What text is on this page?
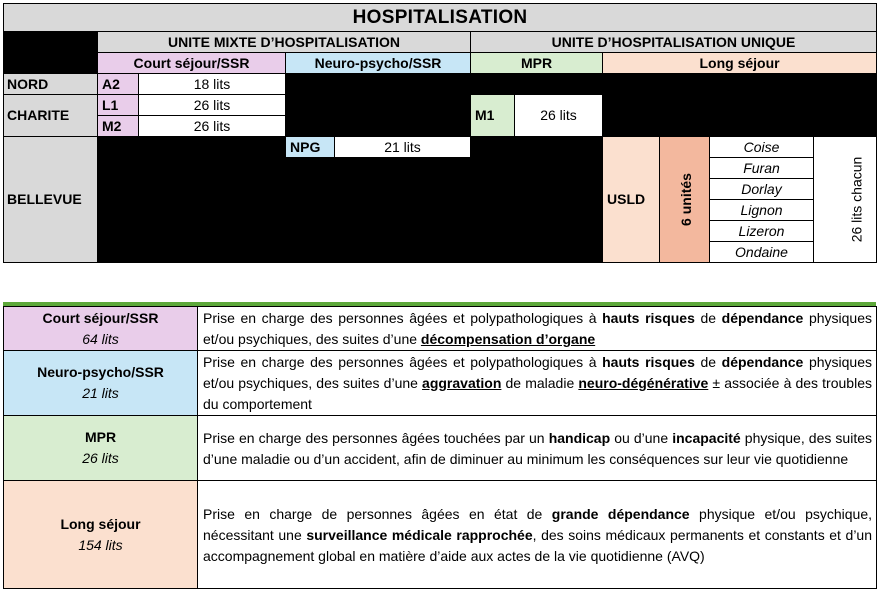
HOSPITALISATION										
	UNITE MIXTE D’HOSPITALISATION				UNITE D’HOSPITALISATION UNIQUE					
	Court séjour/SSR		Neuro-psycho/SSR		MPR		Long séjour			
NORD	A2	18 lits								
CHARITE	L1	26 lits			M1	26 lits				
	M2	26 lits								
BELLEVUE			NPG	21 lits			USLD	6 unités	Coise	26 lits chacun
									Furan	
									Dorlay	
									Lignon	
									Lizeron	
									Ondaine	
Court séjour/SSR
64 lits	Prise en charge des personnes âgées et polypathologiques à hauts risques de dépendance physiques et/ou psychiques, des suites d’une décompensation d’organe

Neuro-psycho/SSR
21 lits	Prise en charge des personnes âgées et polypathologiques à hauts risques de dépendance physiques et/ou psychiques, des suites d’une aggravation de maladie neuro-dégénérative ± associée à des troubles du comportement

MPR
26 lits	Prise en charge des personnes âgées touchées par un handicap ou d’une incapacité physique, des suites d’une maladie ou d’un accident, afin de diminuer au minimum les conséquences sur leur vie quotidienne

Long séjour
154 lits	Prise en charge de personnes âgées en état de grande dépendance physique et/ou psychique, nécessitant une surveillance médicale rapprochée, des soins médicaux permanents et constants et d’un accompagnement global en matière d’aide aux actes de la vie quotidienne (AVQ)
